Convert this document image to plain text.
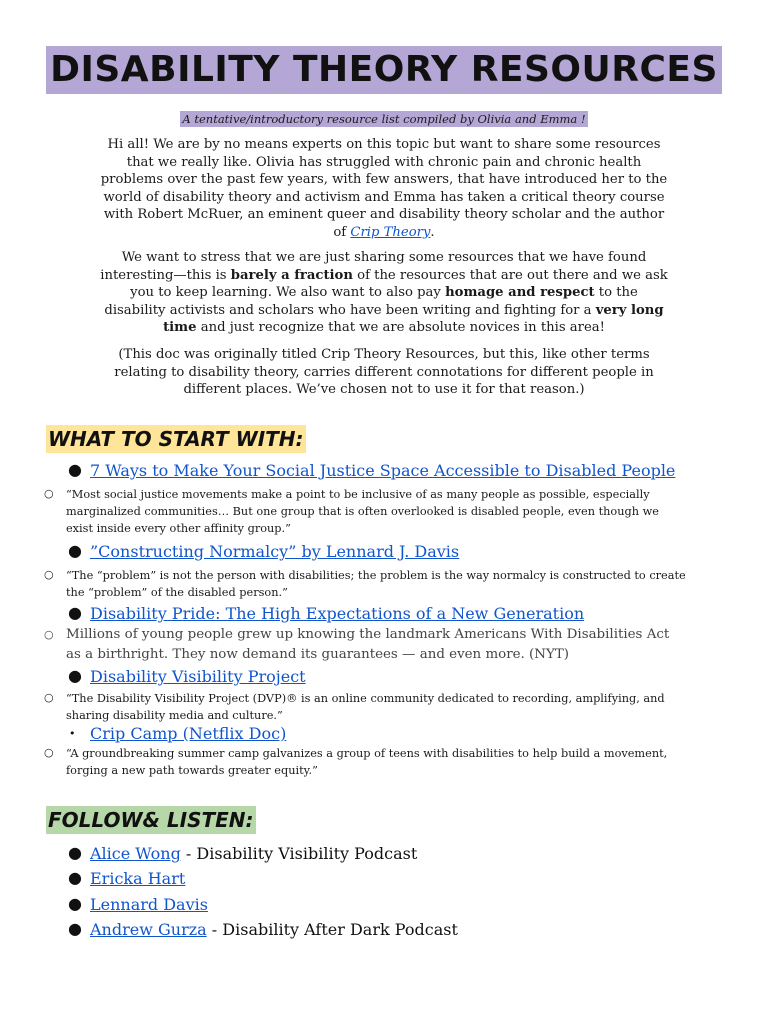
DISABILITY THEORY RESOURCES
A tentative/introductory resource list compiled by Olivia and Emma !

Hi all! We are by no means experts on this topic but want to share some resources that we really like. Olivia has struggled with chronic pain and chronic health problems over the past few years, with few answers, that have introduced her to the world of disability theory and activism and Emma has taken a critical theory course with Robert McRuer, an eminent queer and disability theory scholar and the author of Crip Theory.

We want to stress that we are just sharing some resources that we have found interesting—this is barely a fraction of the resources that are out there and we ask you to keep learning. We also want to also pay homage and respect to the disability activists and scholars who have been writing and fighting for a very long time and just recognize that we are absolute novices in this area!

(This doc was originally titled Crip Theory Resources, but this, like other terms relating to disability theory, carries different connotations for different people in different places. We’ve chosen not to use it for that reason.)

WHAT TO START WITH:
● 7 Ways to Make Your Social Justice Space Accessible to Disabled People
○ “Most social justice movements make a point to be inclusive of as many people as possible, especially marginalized communities… But one group that is often overlooked is disabled people, even though we exist inside every other affinity group.”
● ”Constructing Normalcy” by Lennard J. Davis
○ “The “problem” is not the person with disabilities; the problem is the way normalcy is constructed to create the “problem” of the disabled person.”
● Disability Pride: The High Expectations of a New Generation
○ Millions of young people grew up knowing the landmark Americans With Disabilities Act as a birthright. They now demand its guarantees — and even more. (NYT)
● Disability Visibility Project
○ “The Disability Visibility Project (DVP)® is an online community dedicated to recording, amplifying, and sharing disability media and culture.”
• Crip Camp (Netflix Doc)
○ “A groundbreaking summer camp galvanizes a group of teens with disabilities to help build a movement, forging a new path towards greater equity.”
FOLLOW& LISTEN:
● Alice Wong - Disability Visibility Podcast
● Ericka Hart
● Lennard Davis
● Andrew Gurza - Disability After Dark Podcast
